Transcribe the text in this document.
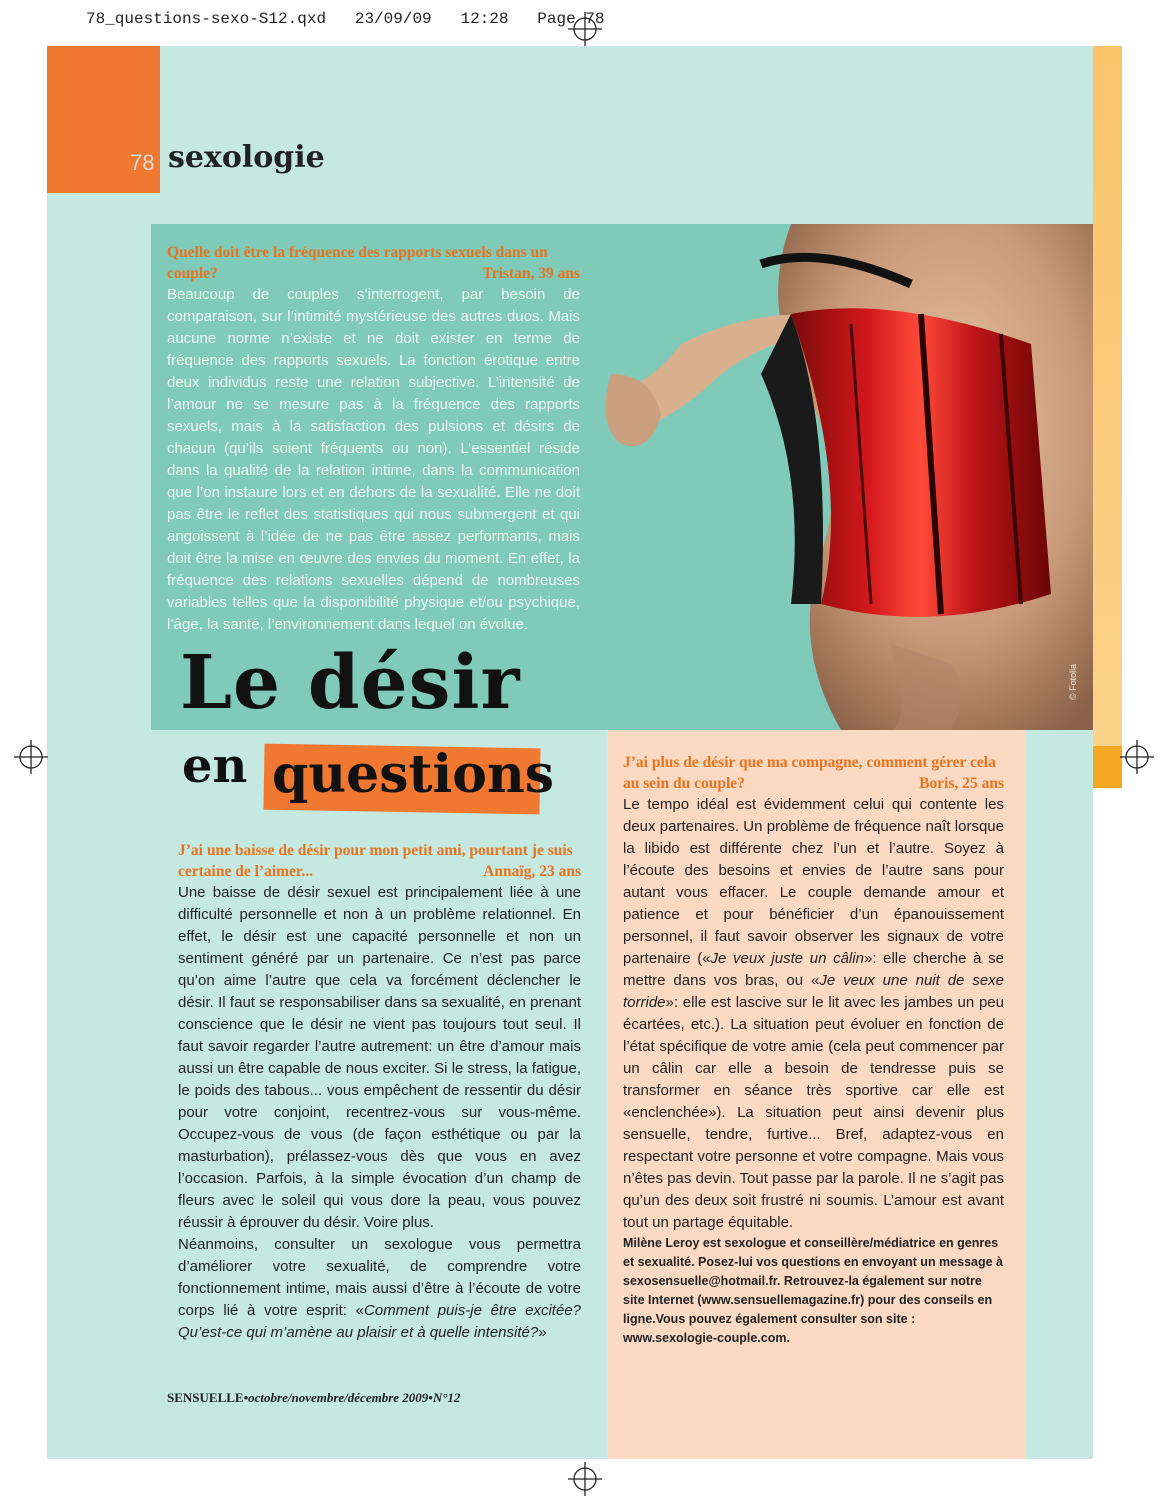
78_questions-sexo-S12.qxd   23/09/09   12:28   Page 78
78 sexologie
© Fotolia
Quelle doit être la fréquence des rapports sexuels dans un couple?	Tristan, 39 ans

Beaucoup de couples s’interrogent, par besoin de comparaison, sur l’intimité mystérieuse des autres duos. Mais aucune norme n’existe et ne doit exister en terme de fréquence des rapports sexuels. La fonction érotique entre deux individus reste une relation subjective. L’intensité de l’amour ne se mesure pas à la fréquence des rapports sexuels, mais à la satisfaction des pulsions et désirs de chacun (qu’ils soient fréquents ou non). L’essentiel réside dans la qualité de la relation intime, dans la communication que l’on instaure lors et en dehors de la sexualité. Elle ne doit pas être le reflet des statistiques qui nous submergent et qui angoissent à l’idée de ne pas être assez performants, mais doit être la mise en œuvre des envies du moment. En effet, la fréquence des relations sexuelles dépend de nombreuses variables telles que la disponibilité physique et/ou psychique, l’âge, la santé, l’environnement dans lequel on évolue.

Le désir
en questions
J’ai une baisse de désir pour mon petit ami, pourtant je suis certaine de l’aimer...	Annaïg, 23 ans

Une baisse de désir sexuel est principalement liée à une difficulté personnelle et non à un problème relationnel. En effet, le désir est une capacité personnelle et non un sentiment généré par un partenaire. Ce n’est pas parce qu’on aime l’autre que cela va forcément déclencher le désir. Il faut se responsabiliser dans sa sexualité, en prenant conscience que le désir ne vient pas toujours tout seul. Il faut savoir regarder l’autre autrement: un être d’amour mais aussi un être capable de nous exciter. Si le stress, la fatigue, le poids des tabous... vous empêchent de ressentir du désir pour votre conjoint, recentrez-vous sur vous-même. Occupez-vous de vous (de façon esthétique ou par la masturbation), prélassez-vous dès que vous en avez l’occasion. Parfois, à la simple évocation d’un champ de fleurs avec le soleil qui vous dore la peau, vous pouvez réussir à éprouver du désir. Voire plus.

Néanmoins, consulter un sexologue vous permettra d’améliorer votre sexualité, de comprendre votre fonctionnement intime, mais aussi d’être à l’écoute de votre corps lié à votre esprit: «Comment puis-je être excitée? Qu’est-ce qui m’amène au plaisir et à quelle intensité?»

J’ai plus de désir que ma compagne, comment gérer cela au sein du couple?	Boris, 25 ans

Le tempo idéal est évidemment celui qui contente les deux partenaires. Un problème de fréquence naît lorsque la libido est différente chez l’un et l’autre. Soyez à l’écoute des besoins et envies de l’autre sans pour autant vous effacer. Le couple demande amour et patience et pour bénéficier d’un épanouissement personnel, il faut savoir observer les signaux de votre partenaire («Je veux juste un câlin»: elle cherche à se mettre dans vos bras, ou «Je veux une nuit de sexe torride»: elle est lascive sur le lit avec les jambes un peu écartées, etc.). La situation peut évoluer en fonction de l’état spécifique de votre amie (cela peut commencer par un câlin car elle a besoin de tendresse puis se transformer en séance très sportive car elle est «enclenchée»). La situation peut ainsi devenir plus sensuelle, tendre, furtive... Bref, adaptez-vous en respectant votre personne et votre compagne. Mais vous n’êtes pas devin. Tout passe par la parole. Il ne s’agit pas qu’un des deux soit frustré ni soumis. L’amour est avant tout un partage équitable.

Milène Leroy est sexologue et conseillère/médiatrice en genres et sexualité. Posez-lui vos questions en envoyant un message à sexosensuelle@hotmail.fr. Retrouvez-la également sur notre site Internet (www.sensuellemagazine.fr) pour des conseils en ligne.Vous pouvez également consulter son site : www.sexologie-couple.com.

SENSUELLE•octobre/novembre/décembre 2009•N°12
